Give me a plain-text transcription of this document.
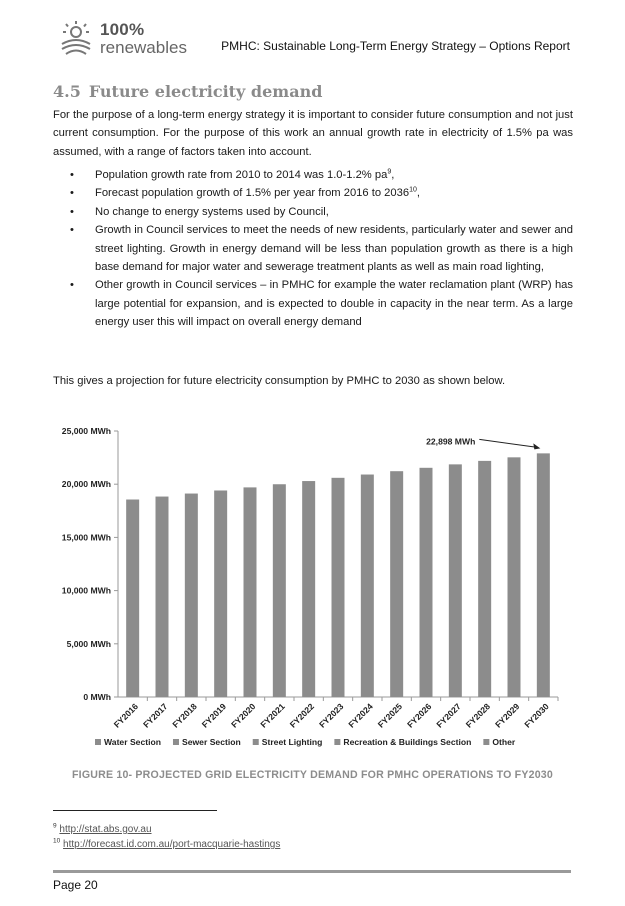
100%
renewables	PMHC: Sustainable Long-Term Energy Strategy – Options Report
4.5 Future electricity demand

For the purpose of a long-term energy strategy it is important to consider future consumption and not just current consumption. For the purpose of this work an annual growth rate in electricity of 1.5% pa was assumed, with a range of factors taken into account.

• Population growth rate from 2010 to 2014 was 1.0-1.2% $pa^9$,
• Forecast population growth of 1.5% per year from 2016 to 2036$^{10}$,
• No change to energy systems used by Council,
• Growth in Council services to meet the needs of new residents, particularly water and sewer and street lighting. Growth in energy demand will be less than population growth as there is a high base demand for major water and sewerage treatment plants as well as main road lighting,
• Other growth in Council services – in PMHC for example the water reclamation plant (WRP) has large potential for expansion, and is expected to double in capacity in the near term. As a large energy user this will impact on overall energy demand

This gives a projection for future electricity consumption by PMHC to 2030 as shown below.

0 MWh
5,000 MWh
10,000 MWh
15,000 MWh
20,000 MWh
25,000 MWh
FY2016 FY2017 FY2018 FY2019 FY2020 FY2021 FY2022 FY2023 FY2024 FY2025 FY2026 FY2027 FY2028 FY2029 FY2030
22,898 MWh
Water Section Sewer Section Street Lighting Recreation & Buildings Section Other
FIGURE 10- PROJECTED GRID ELECTRICITY DEMAND FOR PMHC OPERATIONS TO FY2030
$^9$ http://stat.abs.gov.au
$^{10}$ http://forecast.id.com.au/port-macquarie-hastings
Page 20
